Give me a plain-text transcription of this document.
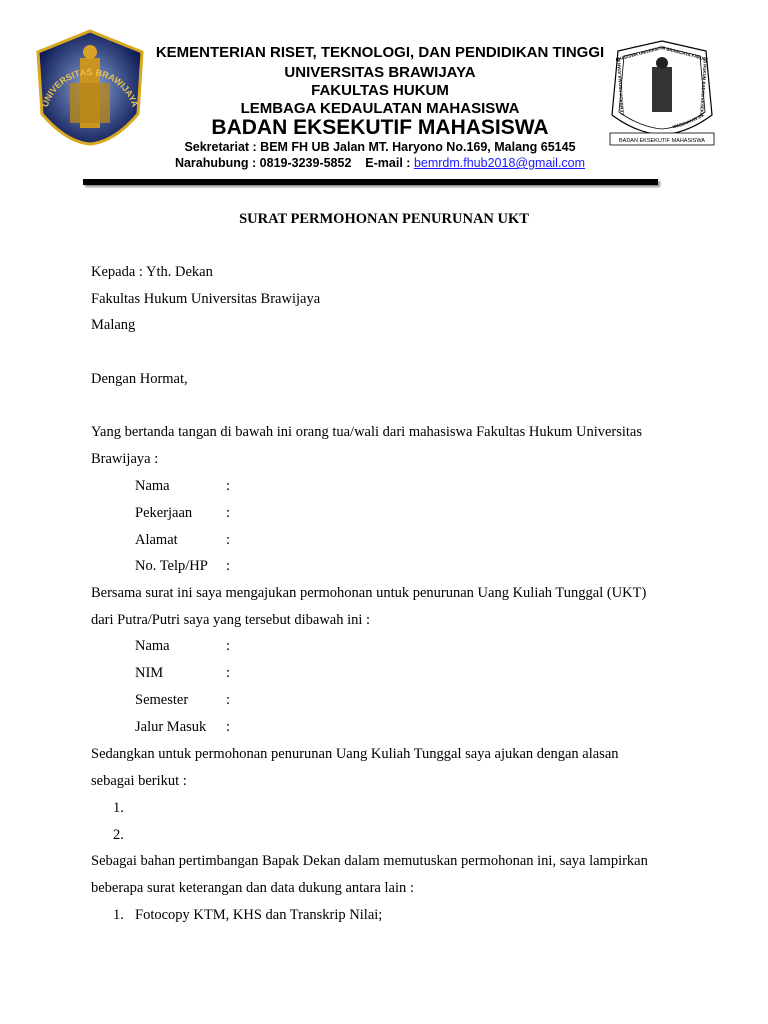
UNIVERSITAS BRAWIJAYA
LEMBAGA KEDAULATAN MAHASISWA UNIVERSITAS BRAWIJAYA FAKULTAS HUKUM BADAN EKSEKUTIF MAHASISWA
BADAN EKSEKUTIF MAHASISWA
KEMENTERIAN RISET, TEKNOLOGI, DAN PENDIDIKAN TINGGI
UNIVERSITAS BRAWIJAYA
FAKULTAS HUKUM
LEMBAGA KEDAULATAN MAHASISWA
BADAN EKSEKUTIF MAHASISWA
Sekretariat : BEM FH UB Jalan MT. Haryono No.169, Malang 65145
Narahubung : 0819-3239-5852    E-mail : bemrdm.fhub2018@gmail.com
SURAT PERMOHONAN PENURUNAN UKT
Kepada : Yth. Dekan
Fakultas Hukum Universitas Brawijaya
Malang
Dengan Hormat,
Yang bertanda tangan di bawah ini orang tua/wali dari mahasiswa Fakultas Hukum Universitas
Brawijaya :
Nama	:
Pekerjaan :
Alamat	:
No. Telp/HP :
Bersama surat ini saya mengajukan permohonan untuk penurunan Uang Kuliah Tunggal (UKT)
dari Putra/Putri saya yang tersebut dibawah ini :
Nama	:
NIM	:
Semester	:
Jalur Masuk :
Sedangkan untuk permohonan penurunan Uang Kuliah Tunggal saya ajukan dengan alasan
sebagai berikut :
1.
2.
Sebagai bahan pertimbangan Bapak Dekan dalam memutuskan permohonan ini, saya lampirkan
beberapa surat keterangan dan data dukung antara lain :
1. Fotocopy KTM, KHS dan Transkrip Nilai;
